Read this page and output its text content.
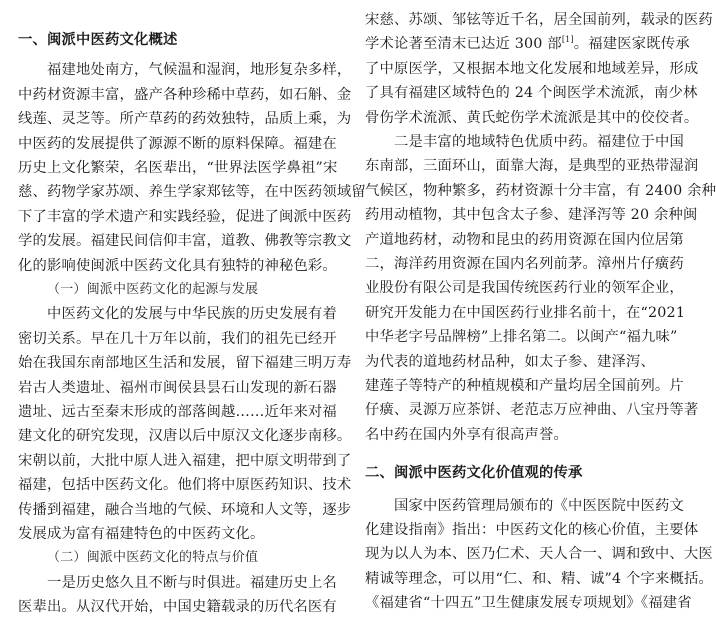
一、闽派中医药文化概述
福建地处南方，气候温和湿润，地形复杂多样，
中药材资源丰富，盛产各种珍稀中草药，如石斛、金
线莲、灵芝等。所产草药的药效独特，品质上乘，为
中医药的发展提供了源源不断的原料保障。福建在
历史上文化繁荣，名医辈出，“世界法医学鼻祖”宋
慈、药物学家苏颂、养生学家郑铉等，在中医药领域留
下了丰富的学术遗产和实践经验，促进了闽派中医药
学的发展。福建民间信仰丰富，道教、佛教等宗教文
化的影响使闽派中医药文化具有独特的神秘色彩。
（一）闽派中医药文化的起源与发展
中医药文化的发展与中华民族的历史发展有着
密切关系。早在几十万年以前，我们的祖先已经开
始在我国东南部地区生活和发展，留下福建三明万寿
岩古人类遗址、福州市闽侯县昙石山发现的新石器
遗址、远古至秦末形成的部落闽越……近年来对福
建文化的研究发现，汉唐以后中原汉文化逐步南移。
宋朝以前，大批中原人进入福建，把中原文明带到了
福建，包括中医药文化。他们将中原医药知识、技术
传播到福建，融合当地的气候、环境和人文等，逐步
发展成为富有福建特色的中医药文化。
（二）闽派中医药文化的特点与价值
一是历史悠久且不断与时俱进。福建历史上名
医辈出。从汉代开始，中国史籍载录的历代名医有
宋慈、苏颂、邹铉等近千名，居全国前列，载录的医药
学术论著至清末已达近 300 部[1]。福建医家既传承
了中原医学，又根据本地文化发展和地域差异，形成
了具有福建区域特色的 24 个闽医学术流派，南少林
骨伤学术流派、黄氏蛇伤学术流派是其中的佼佼者。
二是丰富的地域特色优质中药。福建位于中国
东南部，三面环山，面靠大海，是典型的亚热带湿润
气候区，物种繁多，药材资源十分丰富，有 2400 余种
药用动植物，其中包含太子参、建泽泻等 20 余种闽
产道地药材，动物和昆虫的药用资源在国内位居第
二，海洋药用资源在国内名列前茅。漳州片仔癀药
业股份有限公司是我国传统医药行业的领军企业，
研究开发能力在中国医药行业排名前十，在“2021
中华老字号品牌榜”上排名第二。以闽产“福九味”
为代表的道地药材品种，如太子参、建泽泻、
建莲子等特产的种植规模和产量均居全国前列。片
仔癀、灵源万应茶饼、老范志万应神曲、八宝丹等著
名中药在国内外享有很高声誉。
二、闽派中医药文化价值观的传承
国家中医药管理局颁布的《中医医院中医药文
化建设指南》指出：中医药文化的核心价值，主要体
现为以人为本、医乃仁术、天人合一、调和致中、大医
精诚等理念，可以用“仁、和、精、诚”4 个字来概括。
《福建省“十四五”卫生健康发展专项规划》《福建省
